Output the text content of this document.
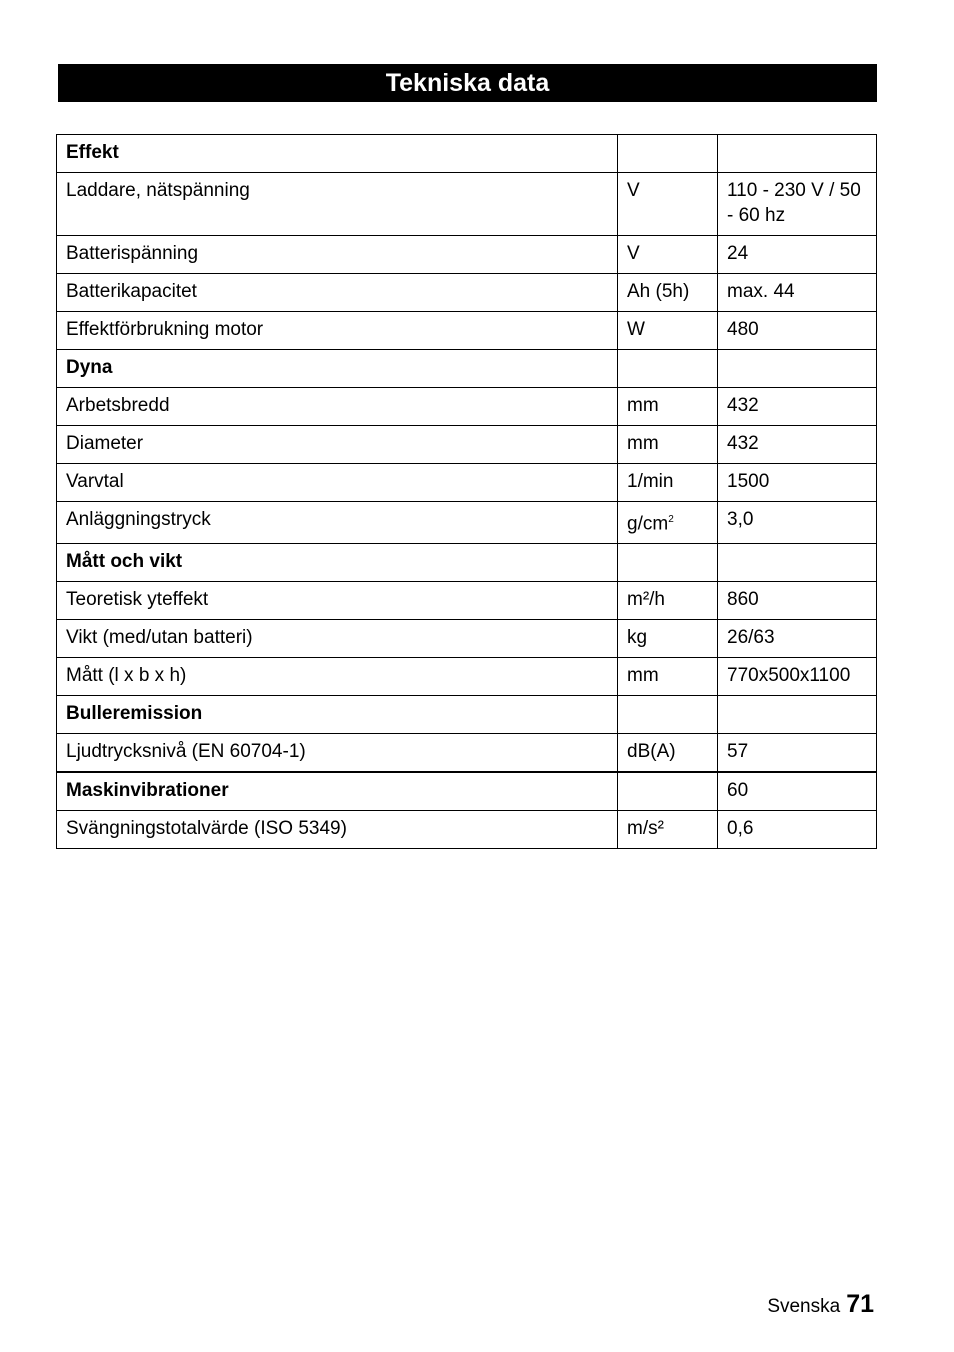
Tekniska data
Effekt		
Laddare, nätspänning	V	110 - 230 V / 50 - 60 hz
Batterispänning	V	24
Batterikapacitet	Ah (5h)	max. 44
Effektförbrukning motor	W	480
Dyna		
Arbetsbredd	mm	432
Diameter	mm	432
Varvtal	1/min	1500
Anläggningstryck	$g/cm^2$	3,0
Mått och vikt		
Teoretisk yteffekt	m²/h	860
Vikt (med/utan batteri)	kg	26/63
Mått (l x b x h)	mm	770x500x1100
Bulleremission		
Ljudtrycksnivå (EN 60704-1)	dB(A)	57
Maskinvibrationer		60
Svängningstotalvärde (ISO 5349)	m/s²	0,6
Svenska 71
